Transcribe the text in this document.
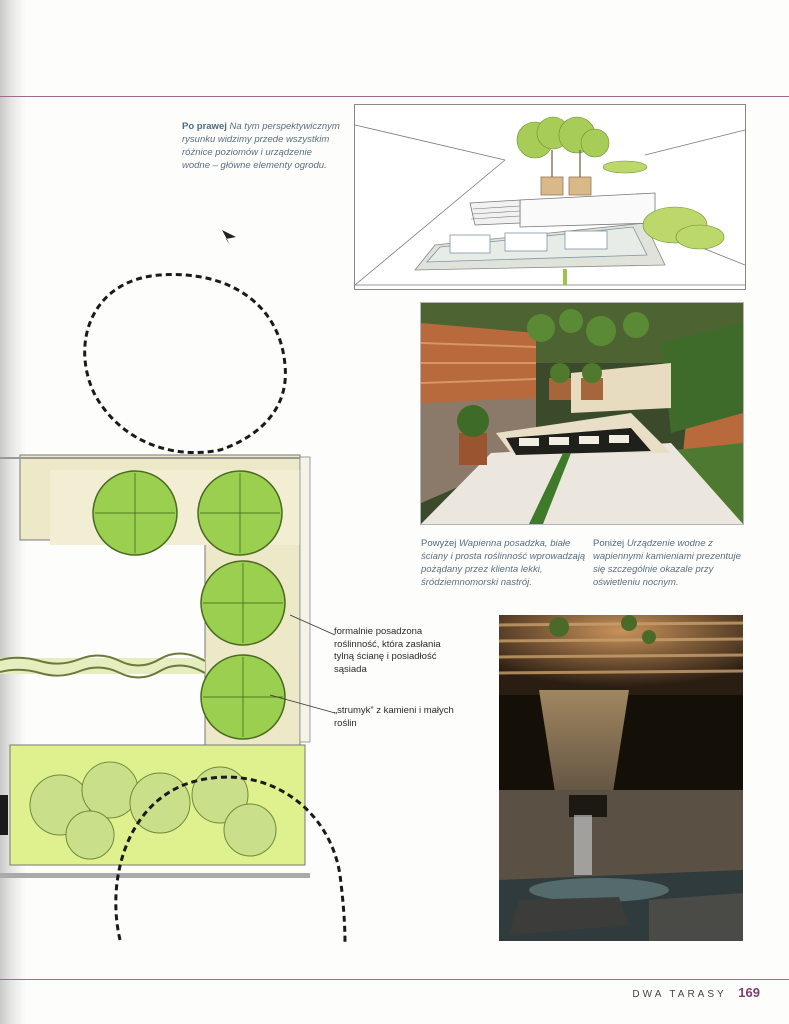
Po prawej Na tym perspektywicznym rysunku widzimy przede wszystkim różnice poziomów i urządzenie wodne – główne elementy ogrodu.
Powyżej Wapienna posadzka, białe ściany i prosta roślinność wprowadzają pożądany przez klienta lekki, śródziemnomorski nastrój.
Poniżej Urządzenie wodne z wapiennymi kamieniami prezentuje się szczególnie okazale przy oświetleniu nocnym.
formalnie posadzona roślinność, która zasłania tylną ścianę i posiadłość sąsiada
„strumyk” z kamieni i małych roślin
DWA TARASY 169
